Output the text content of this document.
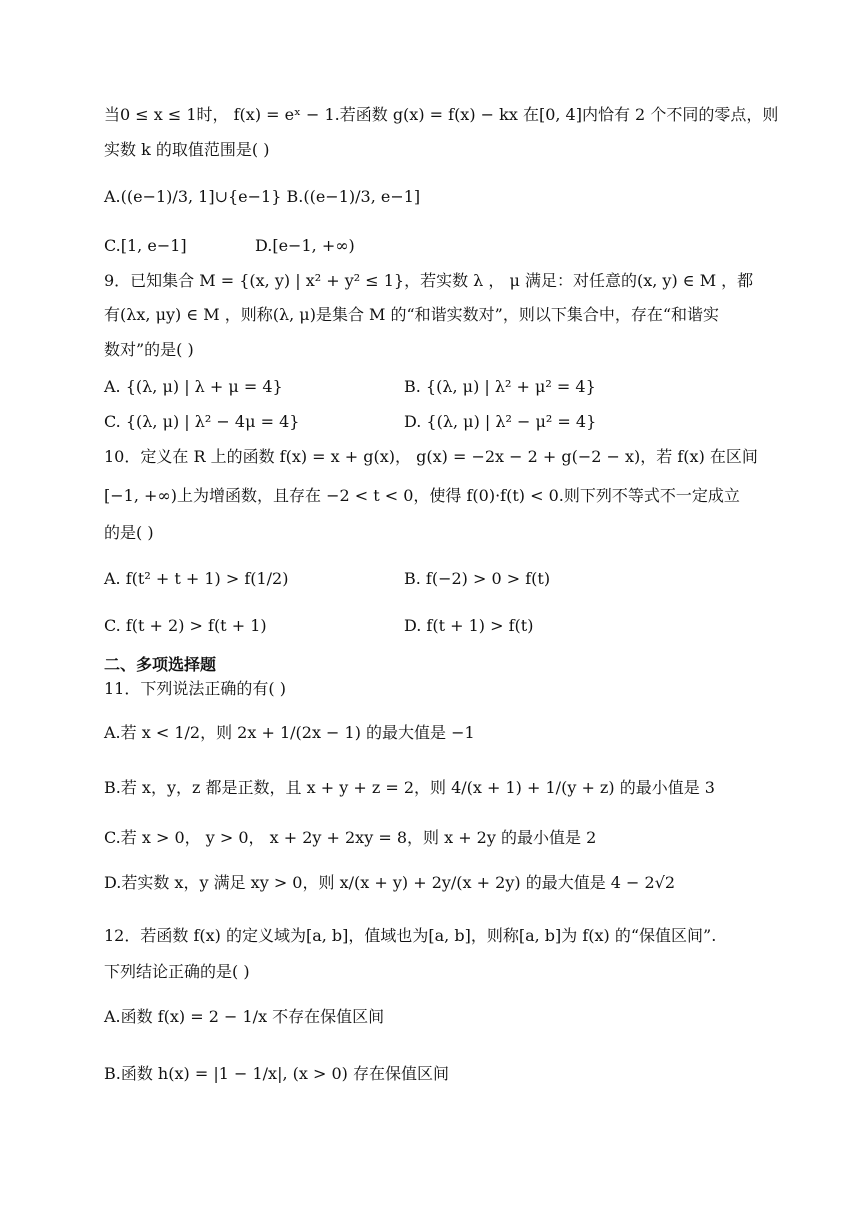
当0 ≤ x ≤ 1时， f(x) = eˣ − 1.若函数 g(x) = f(x) − kx 在[0, 4]内恰有 2 个不同的零点，则
实数 k 的取值范围是( )
A.((e−1)/3, 1]∪{e−1} B.((e−1)/3, e−1]
C.[1, e−1]	D.[e−1, +∞)
9．已知集合 M = {(x, y) | x² + y² ≤ 1}，若实数 λ ， μ 满足：对任意的(x, y) ∈ M ，都
有(λx, μy) ∈ M ，则称(λ, μ)是集合 M 的“和谐实数对”，则以下集合中，存在“和谐实
数对”的是( )
A. {(λ, μ) | λ + μ = 4}	B. {(λ, μ) | λ² + μ² = 4}
C. {(λ, μ) | λ² − 4μ = 4}	D. {(λ, μ) | λ² − μ² = 4}
10．定义在 R 上的函数 f(x) = x + g(x)， g(x) = −2x − 2 + g(−2 − x)，若 f(x) 在区间
[−1, +∞)上为增函数，且存在 −2 < t < 0，使得 f(0)·f(t) < 0.则下列不等式不一定成立
的是( )
A. f(t² + t + 1) > f(1/2)	B. f(−2) > 0 > f(t)
C. f(t + 2) > f(t + 1)	D. f(t + 1) > f(t)
二、多项选择题
11．下列说法正确的有( )
A.若 x < 1/2，则 2x + 1/(2x − 1) 的最大值是 −1
B.若 x，y，z 都是正数，且 x + y + z = 2，则 4/(x + 1) + 1/(y + z) 的最小值是 3
C.若 x > 0， y > 0， x + 2y + 2xy = 8，则 x + 2y 的最小值是 2
D.若实数 x，y 满足 xy > 0，则 x/(x + y) + 2y/(x + 2y) 的最大值是 4 − 2√2
12．若函数 f(x) 的定义域为[a, b]，值域也为[a, b]，则称[a, b]为 f(x) 的“保值区间”.
下列结论正确的是( )
A.函数 f(x) = 2 − 1/x 不存在保值区间
B.函数 h(x) = |1 − 1/x|, (x > 0) 存在保值区间
